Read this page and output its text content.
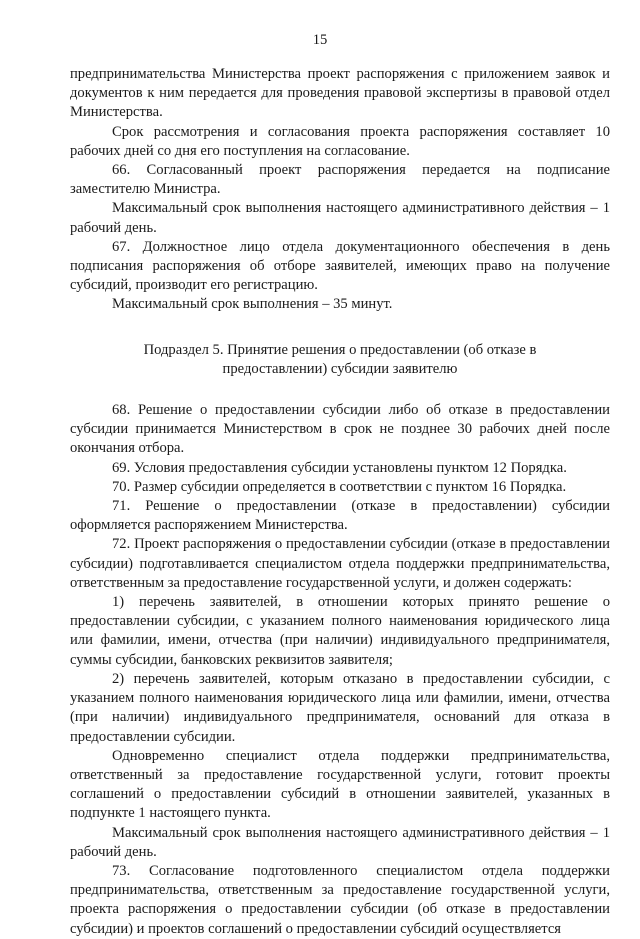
15

предпринимательства Министерства проект распоряжения с приложением заявок и документов к ним передается для проведения правовой экспертизы в правовой отдел Министерства.

Срок рассмотрения и согласования проекта распоряжения составляет 10 рабочих дней со дня его поступления на согласование.

66. Согласованный проект распоряжения передается на подписание заместителю Министра.

Максимальный срок выполнения настоящего административного действия – 1 рабочий день.

67. Должностное лицо отдела документационного обеспечения в день подписания распоряжения об отборе заявителей, имеющих право на получение субсидий, производит его регистрацию.

Максимальный срок выполнения – 35 минут.

Подраздел 5. Принятие решения о предоставлении (об отказе в предоставлении) субсидии заявителю

68. Решение о предоставлении субсидии либо об отказе в предоставлении субсидии принимается Министерством в срок не позднее 30 рабочих дней после окончания отбора.

69. Условия предоставления субсидии установлены пунктом 12 Порядка.

70. Размер субсидии определяется в соответствии с пунктом 16 Порядка.

71. Решение о предоставлении (отказе в предоставлении) субсидии оформляется распоряжением Министерства.

72. Проект распоряжения о предоставлении субсидии (отказе в предоставлении субсидии) подготавливается специалистом отдела поддержки предпринимательства, ответственным за предоставление государственной услуги, и должен содержать:

1) перечень заявителей, в отношении которых принято решение о предоставлении субсидии, с указанием полного наименования юридического лица или фамилии, имени, отчества (при наличии) индивидуального предпринимателя, суммы субсидии, банковских реквизитов заявителя;

2) перечень заявителей, которым отказано в предоставлении субсидии, с указанием полного наименования юридического лица или фамилии, имени, отчества (при наличии) индивидуального предпринимателя, оснований для отказа в предоставлении субсидии.

Одновременно специалист отдела поддержки предпринимательства, ответственный за предоставление государственной услуги, готовит проекты соглашений о предоставлении субсидий в отношении заявителей, указанных в подпункте 1 настоящего пункта.

Максимальный срок выполнения настоящего административного действия – 1 рабочий день.

73. Согласование подготовленного специалистом отдела поддержки предпринимательства, ответственным за предоставление государственной услуги, проекта распоряжения о предоставлении субсидии (об отказе в предоставлении субсидии) и проектов соглашений о предоставлении субсидий осуществляется
